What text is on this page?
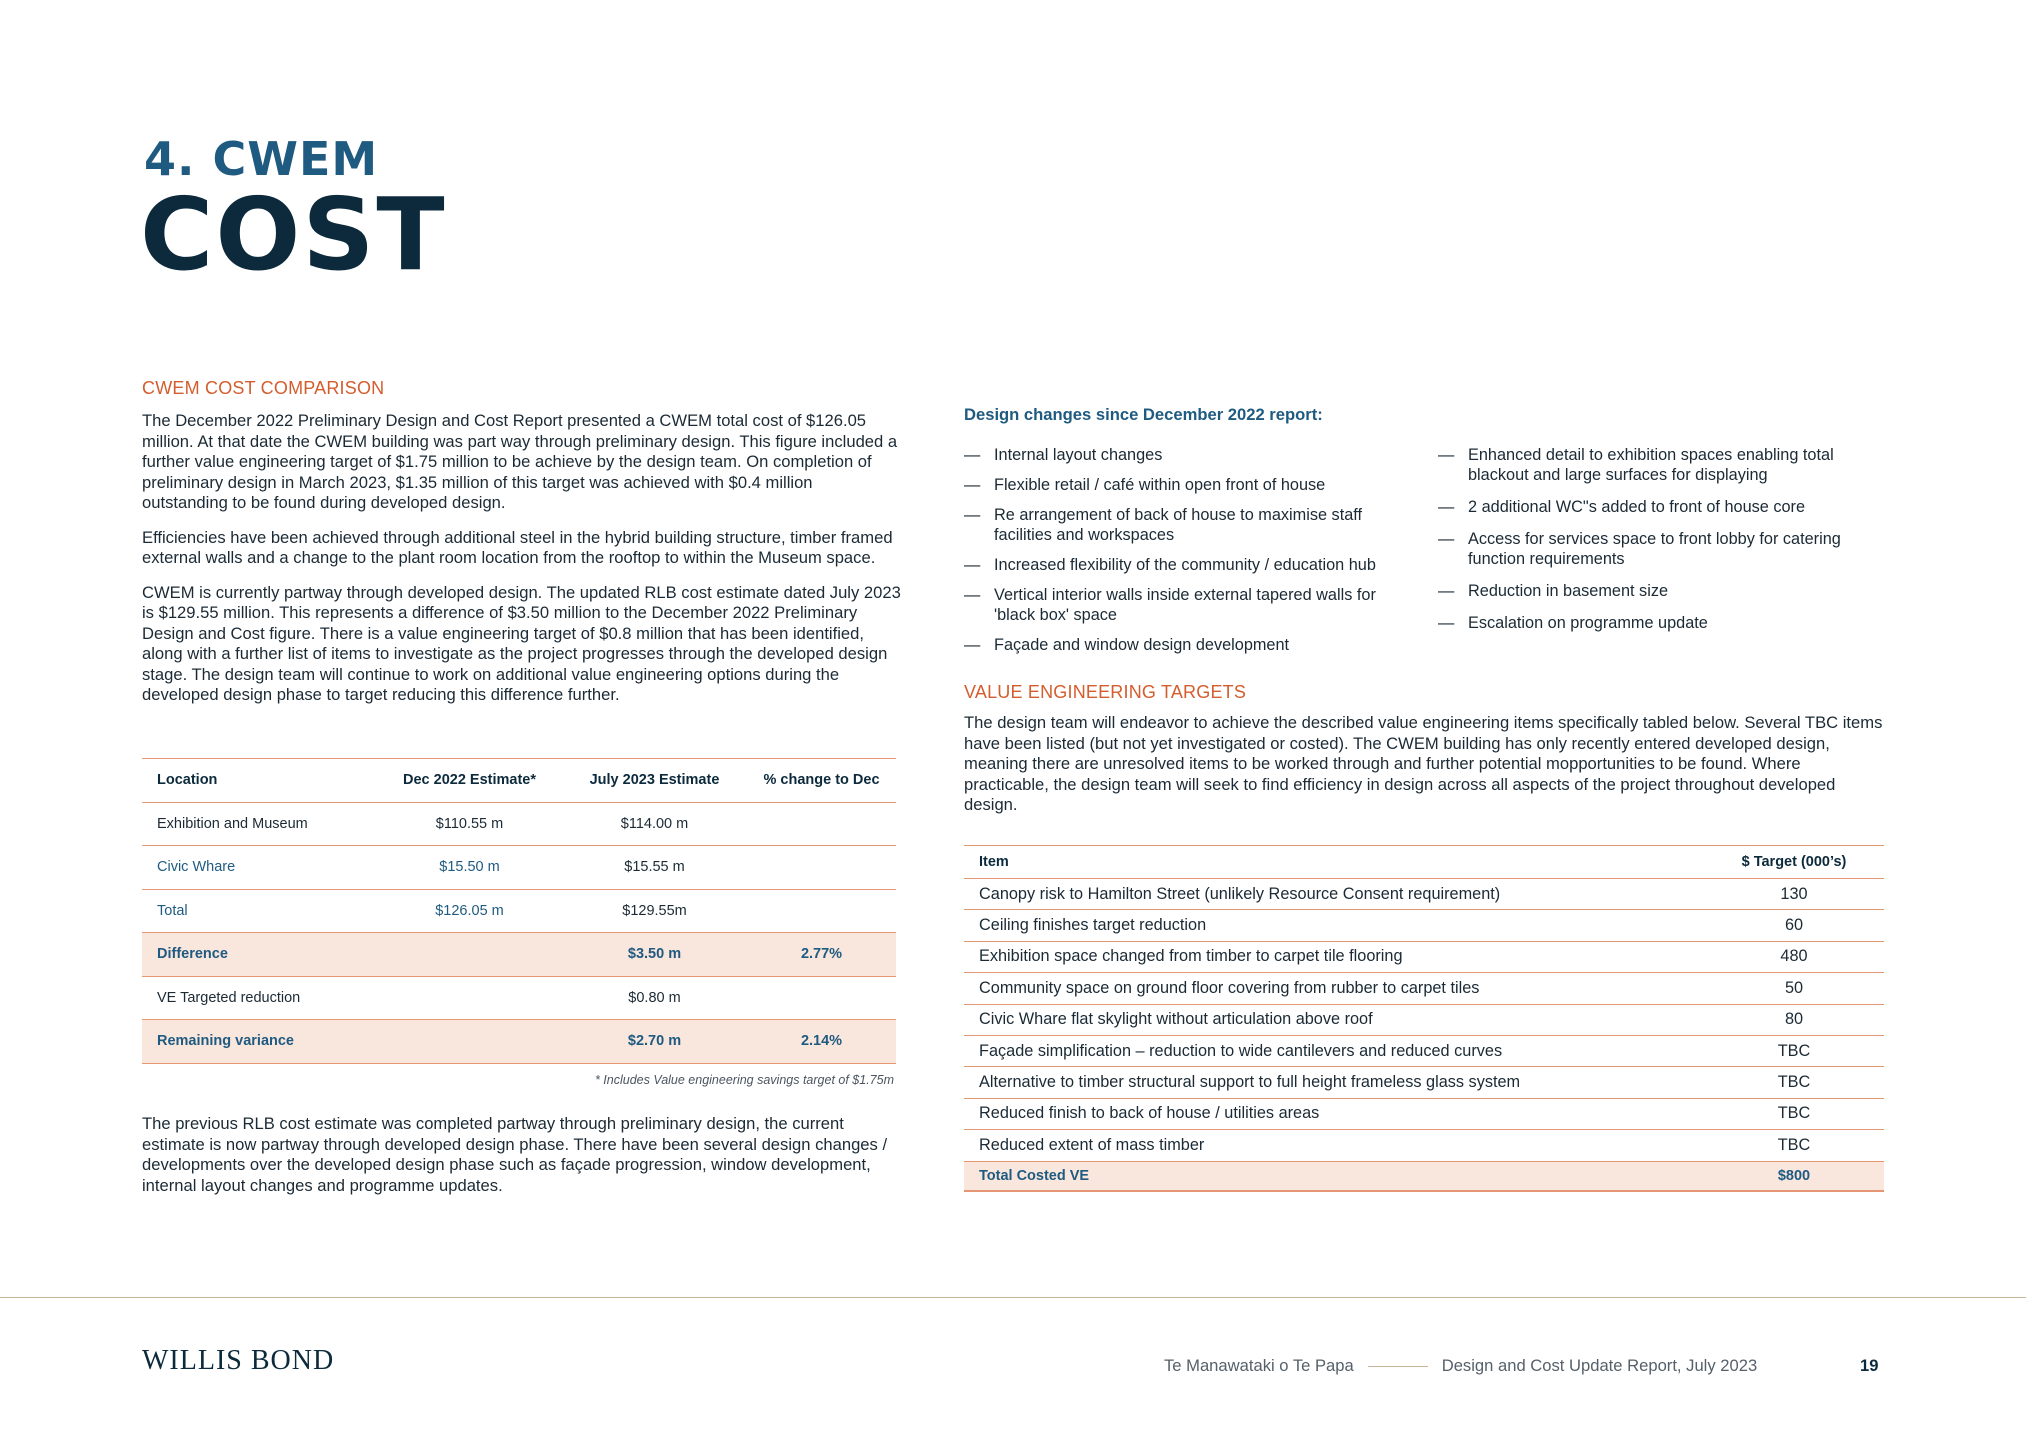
4. CWEM
COST
CWEM COST COMPARISON

The December 2022 Preliminary Design and Cost Report presented a CWEM total cost of $126.05 million. At that date the CWEM building was part way through preliminary design. This figure included a further value engineering target of $1.75 million to be achieve by the design team. On completion of preliminary design in March 2023, $1.35 million of this target was achieved with $0.4 million outstanding to be found during developed design.

Efficiencies have been achieved through additional steel in the hybrid building structure, timber framed external walls and a change to the plant room location from the rooftop to within the Museum space.

CWEM is currently partway through developed design. The updated RLB cost estimate dated July 2023 is $129.55 million. This represents a difference of $3.50 million to the December 2022 Preliminary Design and Cost figure. There is a value engineering target of $0.8 million that has been identified, along with a further list of items to investigate as the project progresses through the developed design stage. The design team will continue to work on additional value engineering options during the developed design phase to target reducing this difference further.

Location	Dec 2022 Estimate*	July 2023 Estimate	% change to Dec
Exhibition and Museum	$110.55 m	$114.00 m	
Civic Whare	$15.50 m	$15.55 m	
Total	$126.05 m	$129.55m	
Difference		$3.50 m	2.77%
VE Targeted reduction		$0.80 m	
Remaining variance		$2.70 m	2.14%
* Includes Value engineering savings target of $1.75m
The previous RLB cost estimate was completed partway through preliminary design, the current estimate is now partway through developed design phase. There have been several design changes / developments over the developed design phase such as façade progression, window development, internal layout changes and programme updates.
Design changes since December 2022 report:
— Internal layout changes
— Flexible retail / café within open front of house
— Re arrangement of back of house to maximise staff facilities and workspaces
— Increased flexibility of the community / education hub
— Vertical interior walls inside external tapered walls for 'black box' space
— Façade and window design development
— Enhanced detail to exhibition spaces enabling total blackout and large surfaces for displaying
— 2 additional WC"s added to front of house core
— Access for services space to front lobby for catering function requirements
— Reduction in basement size
— Escalation on programme update
VALUE ENGINEERING TARGETS
The design team will endeavor to achieve the described value engineering items specifically tabled below. Several TBC items have been listed (but not yet investigated or costed). The CWEM building has only recently entered developed design, meaning there are unresolved items to be worked through and further potential mopportunities to be found. Where practicable, the design team will seek to find efficiency in design across all aspects of the project throughout developed design.
Item	$ Target (000’s)
Canopy risk to Hamilton Street (unlikely Resource Consent requirement)	130
Ceiling finishes target reduction	60
Exhibition space changed from timber to carpet tile flooring	480
Community space on ground floor covering from rubber to carpet tiles	50
Civic Whare flat skylight without articulation above roof	80
Façade simplification – reduction to wide cantilevers and reduced curves	TBC
Alternative to timber structural support to full height frameless glass system	TBC
Reduced finish to back of house / utilities areas	TBC
Reduced extent of mass timber	TBC
Total Costed VE	$800
WILLIS BOND	Te Manawataki o Te Papa	Design and Cost Update Report, July 2023	19
